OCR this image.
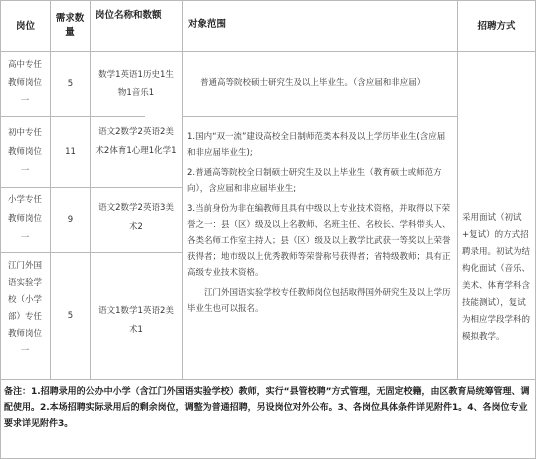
岗位
需求数量
岗位名称和数额
对象范围	招聘方式
高中专任教师岗位一
5
数学1英语1历史1生物1音乐1
普通高等院校硕士研究生及以上毕业生。（含应届和非应届）
初中专任教师岗位一
11
语文2数学2英语2美术2体育1心理1化学1
小学专任教师岗位一
9
语文2数学2英语3美术2
江门外国语实验学校（小学部）专任教师岗位一
5	语文1数学1英语2美术1

1.国内“双一流”建设高校全日制师范类本科及以上学历毕业生(含应届和非应届毕业生);

2.普通高等院校全日制硕士研究生及以上毕业生（教育硕士或师范方向），含应届和非应届毕业生;

3.当前身份为非在编教师且具有中级以上专业技术资格，并取得以下荣誉之一：县（区）级及以上名教师、名班主任、名校长、学科带头人、各类名师工作室主持人；县（区）级及以上教学比武获一等奖以上荣誉获得者；地市级以上优秀教师等荣誉称号获得者；省特级教师；具有正高级专业技术资格。

江门外国语实验学校专任教师岗位包括取得国外研究生及以上学历毕业生也可以报名。

采用面试（初试+复试）的方式招聘录用。初试为结构化面试（音乐、美术、体育学科含技能测试），复试为相应学段学科的模拟教学。
备注：1.招聘录用的公办中小学（含江门外国语实验学校）教师，实行“县管校聘”方式管理，无固定校籍，由区教育局统筹管理、调配使用。2.本场招聘实际录用后的剩余岗位，调整为普通招聘，另设岗位对外公布。3、各岗位具体条件详见附件1。4、各岗位专业要求详见附件3。
